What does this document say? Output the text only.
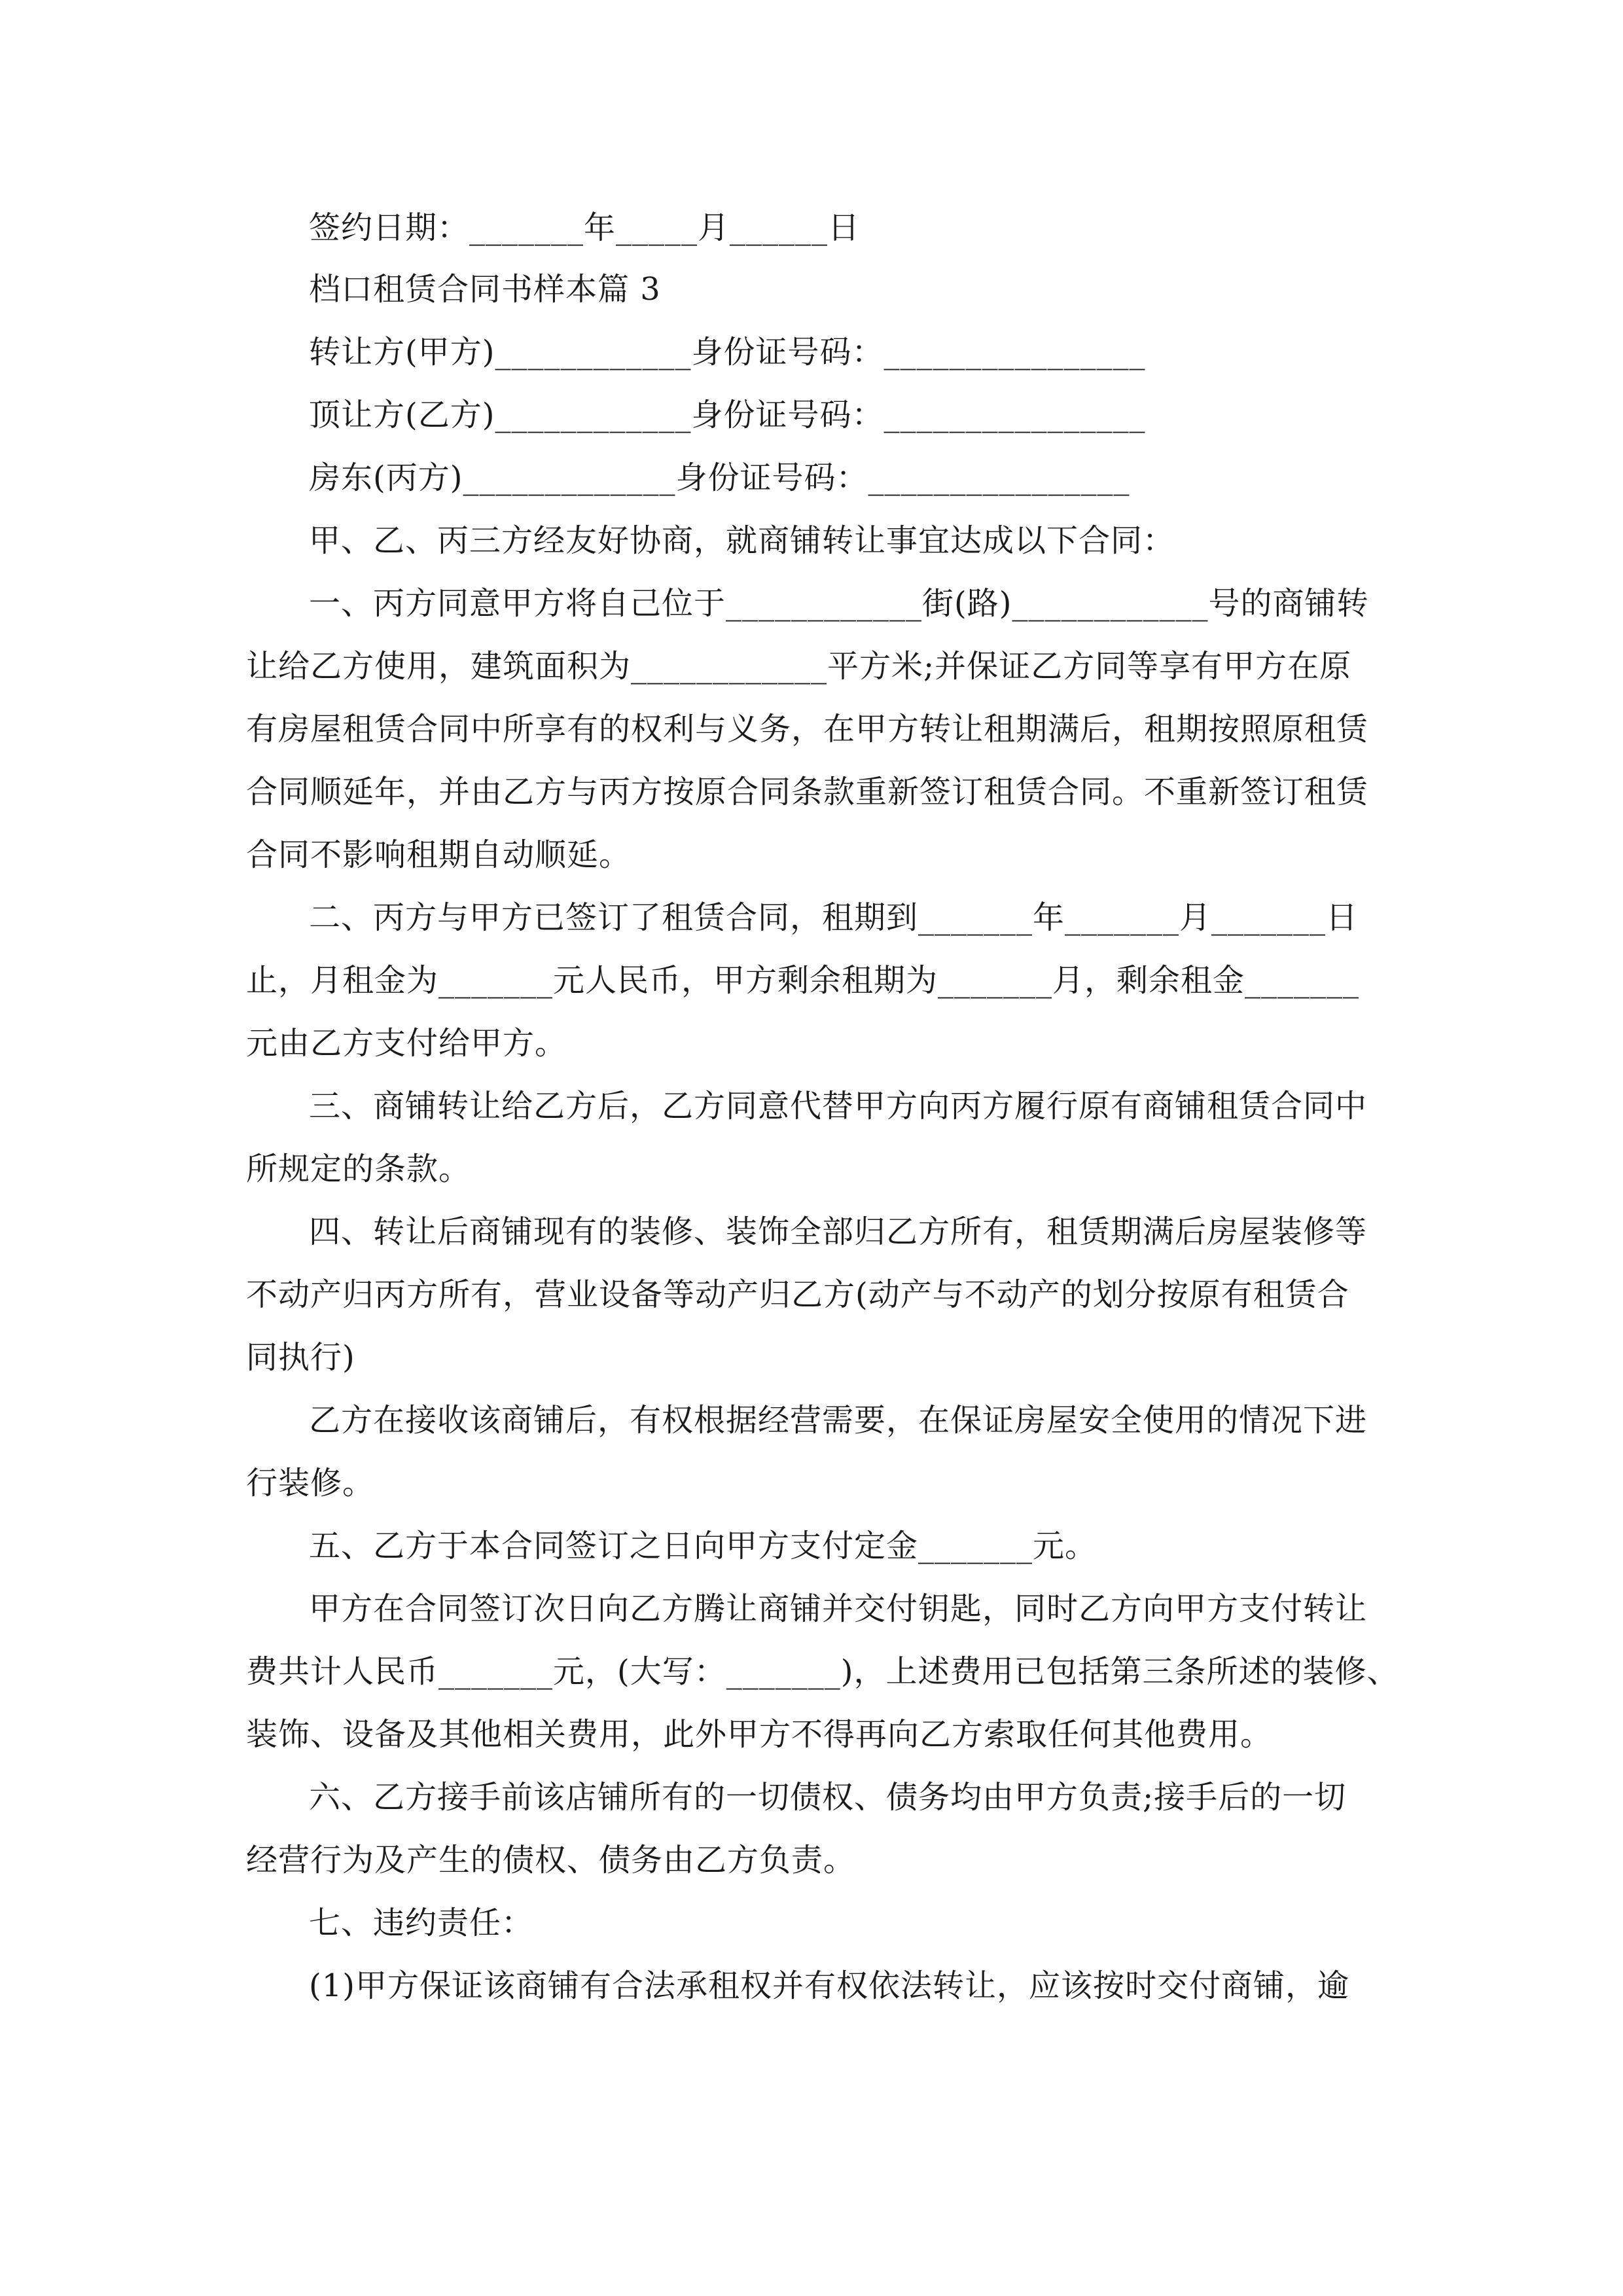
签约日期：_______年_____月______日
档口租赁合同书样本篇 3
转让方(甲方)____________身份证号码：________________
顶让方(乙方)____________身份证号码：________________
房东(丙方)_____________身份证号码：________________
甲、乙、丙三方经友好协商，就商铺转让事宜达成以下合同：
一、丙方同意甲方将自己位于____________街(路)____________号的商铺转
让给乙方使用，建筑面积为____________平方米;并保证乙方同等享有甲方在原
有房屋租赁合同中所享有的权利与义务，在甲方转让租期满后，租期按照原租赁
合同顺延年，并由乙方与丙方按原合同条款重新签订租赁合同。不重新签订租赁
合同不影响租期自动顺延。
二、丙方与甲方已签订了租赁合同，租期到_______年_______月_______日
止，月租金为_______元人民币，甲方剩余租期为_______月，剩余租金_______
元由乙方支付给甲方。
三、商铺转让给乙方后，乙方同意代替甲方向丙方履行原有商铺租赁合同中
所规定的条款。
四、转让后商铺现有的装修、装饰全部归乙方所有，租赁期满后房屋装修等
不动产归丙方所有，营业设备等动产归乙方(动产与不动产的划分按原有租赁合
同执行)
乙方在接收该商铺后，有权根据经营需要，在保证房屋安全使用的情况下进
行装修。
五、乙方于本合同签订之日向甲方支付定金_______元。
甲方在合同签订次日向乙方腾让商铺并交付钥匙，同时乙方向甲方支付转让
费共计人民币_______元，(大写：_______)，上述费用已包括第三条所述的装修、
装饰、设备及其他相关费用，此外甲方不得再向乙方索取任何其他费用。
六、乙方接手前该店铺所有的一切债权、债务均由甲方负责;接手后的一切
经营行为及产生的债权、债务由乙方负责。
七、违约责任：
(1)甲方保证该商铺有合法承租权并有权依法转让，应该按时交付商铺，逾
